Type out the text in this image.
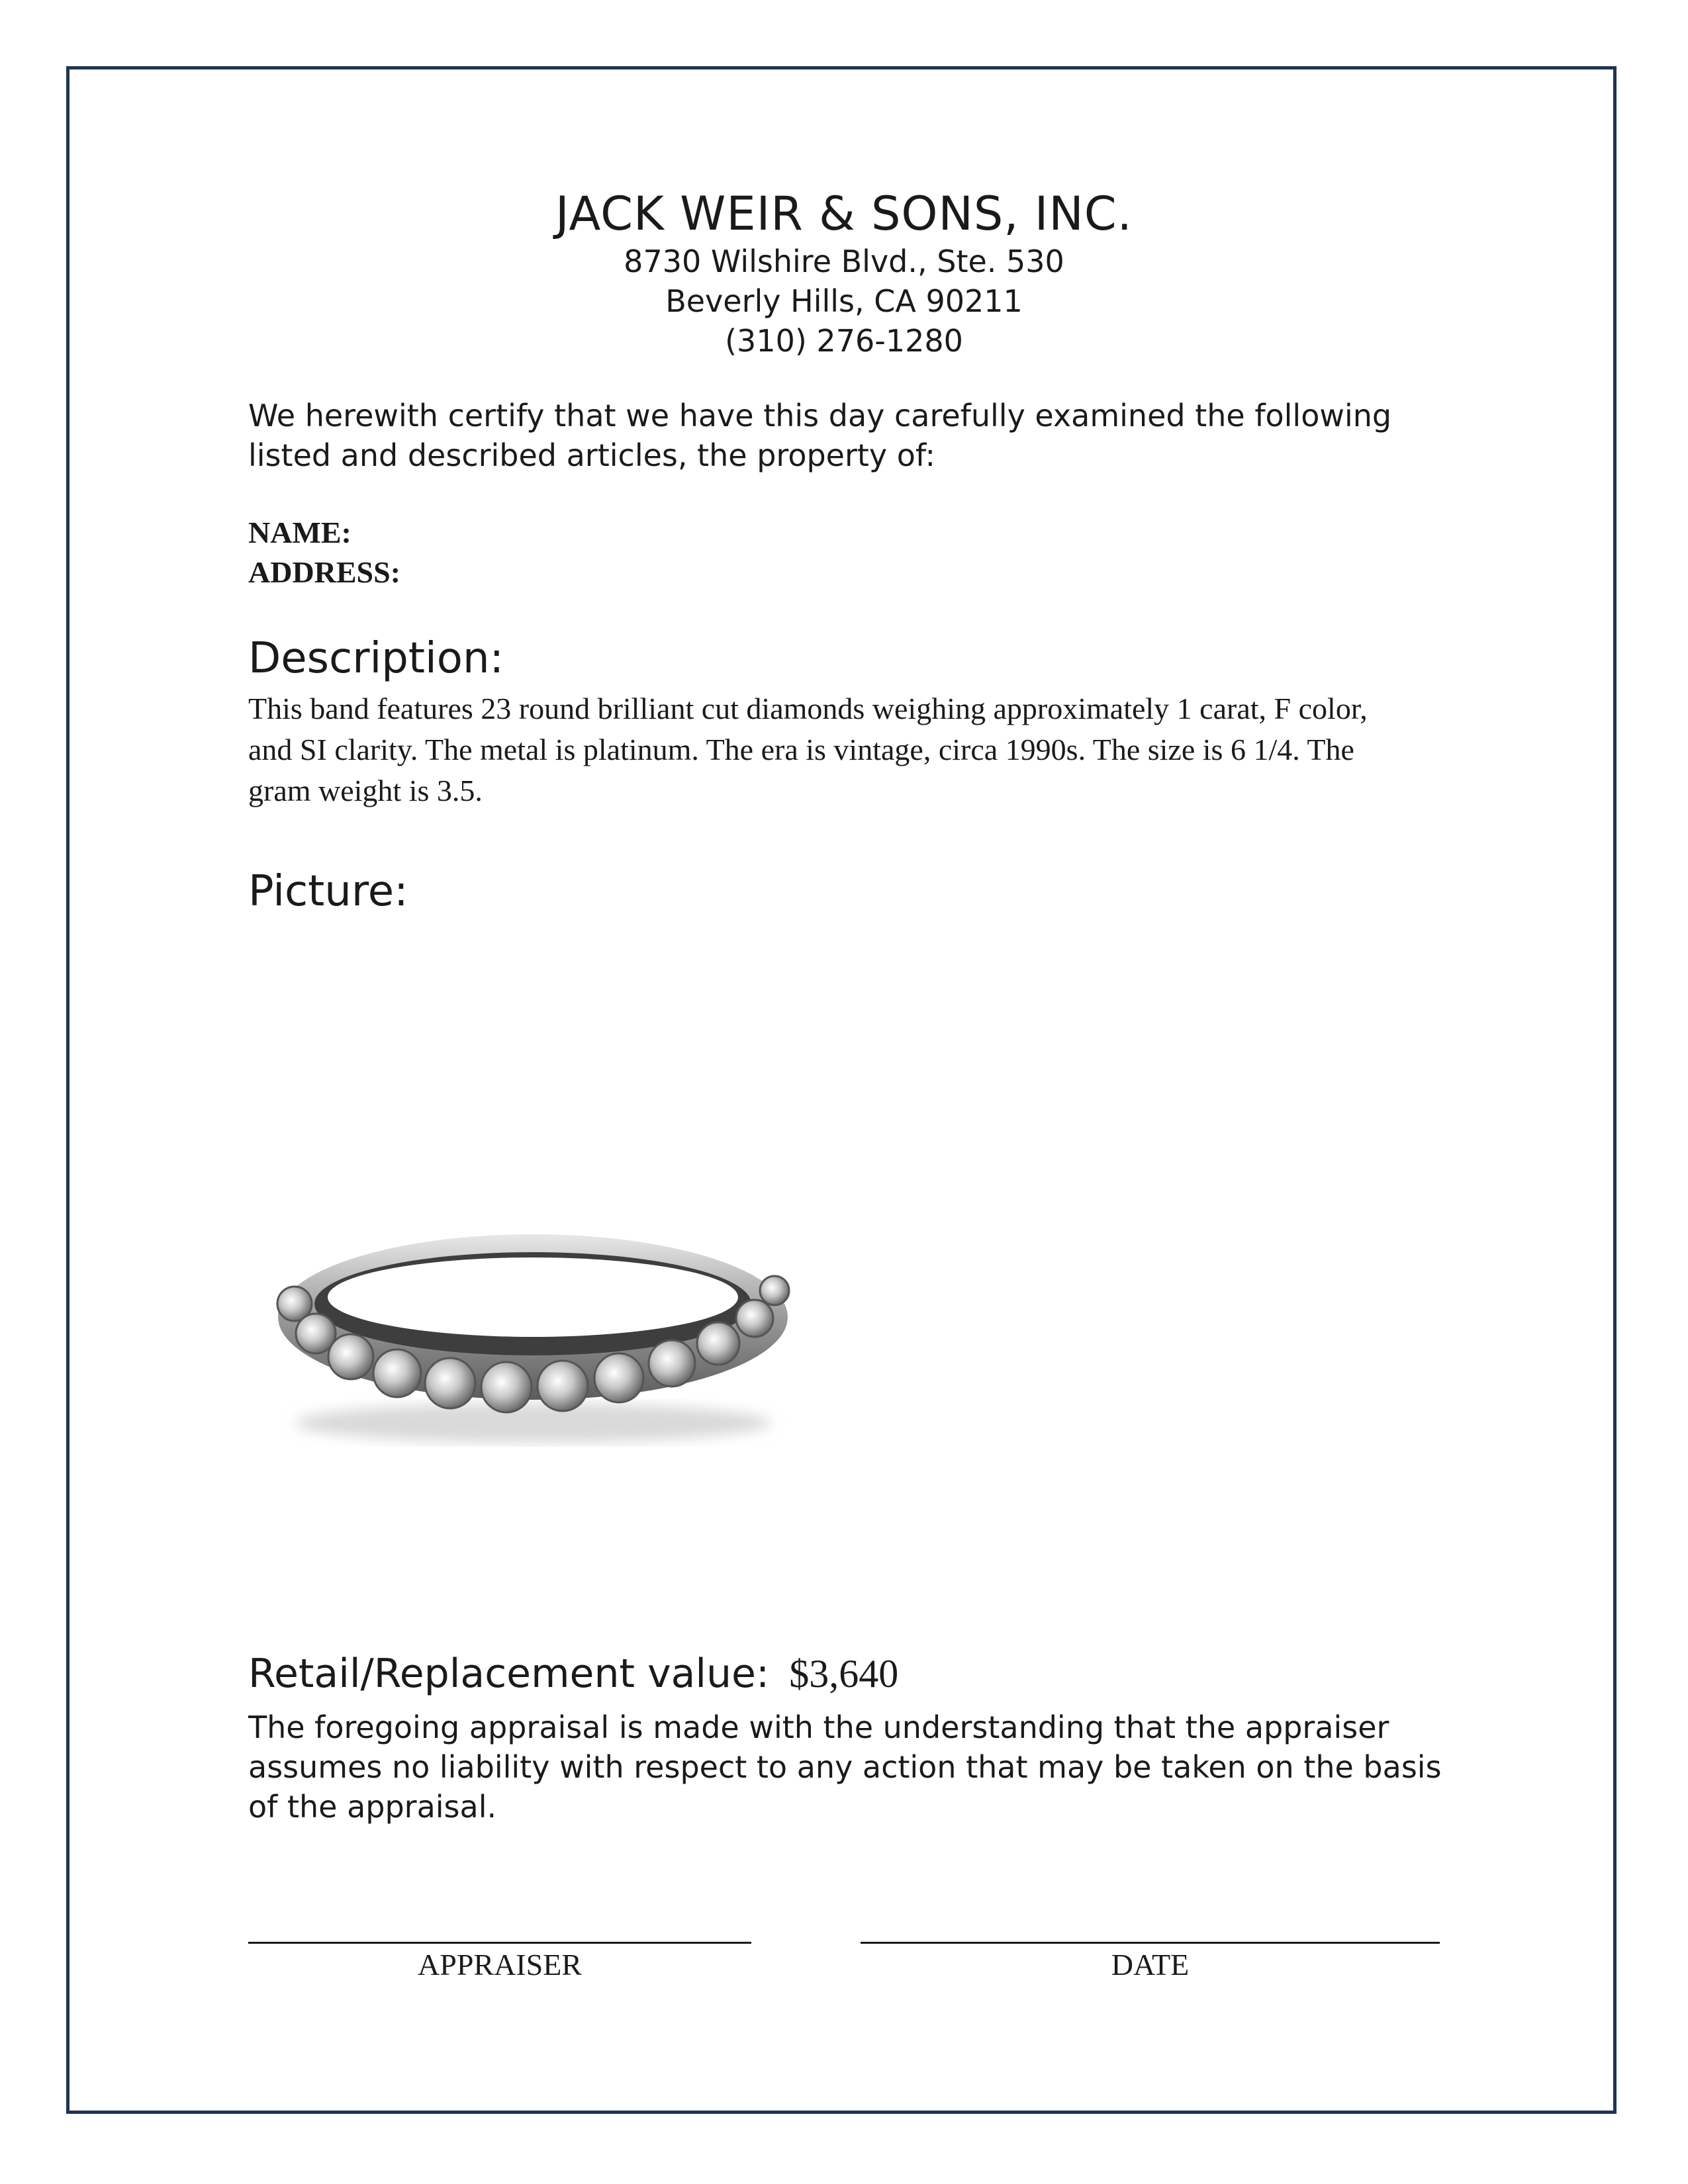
JACK WEIR & SONS, INC.
8730 Wilshire Blvd., Ste. 530
Beverly Hills, CA 90211
(310) 276-1280
We herewith certify that we have this day carefully examined the following listed and described articles, the property of:
NAME:
ADDRESS:
Description:
This band features 23 round brilliant cut diamonds weighing approximately 1 carat, F color, and SI clarity. The metal is platinum. The era is vintage, circa 1990s. The size is 6 1/4. The gram weight is 3.5.
Picture:
Retail/Replacement value: $3,640
The foregoing appraisal is made with the understanding that the appraiser assumes no liability with respect to any action that may be taken on the basis of the appraisal.
APPRAISER	DATE
